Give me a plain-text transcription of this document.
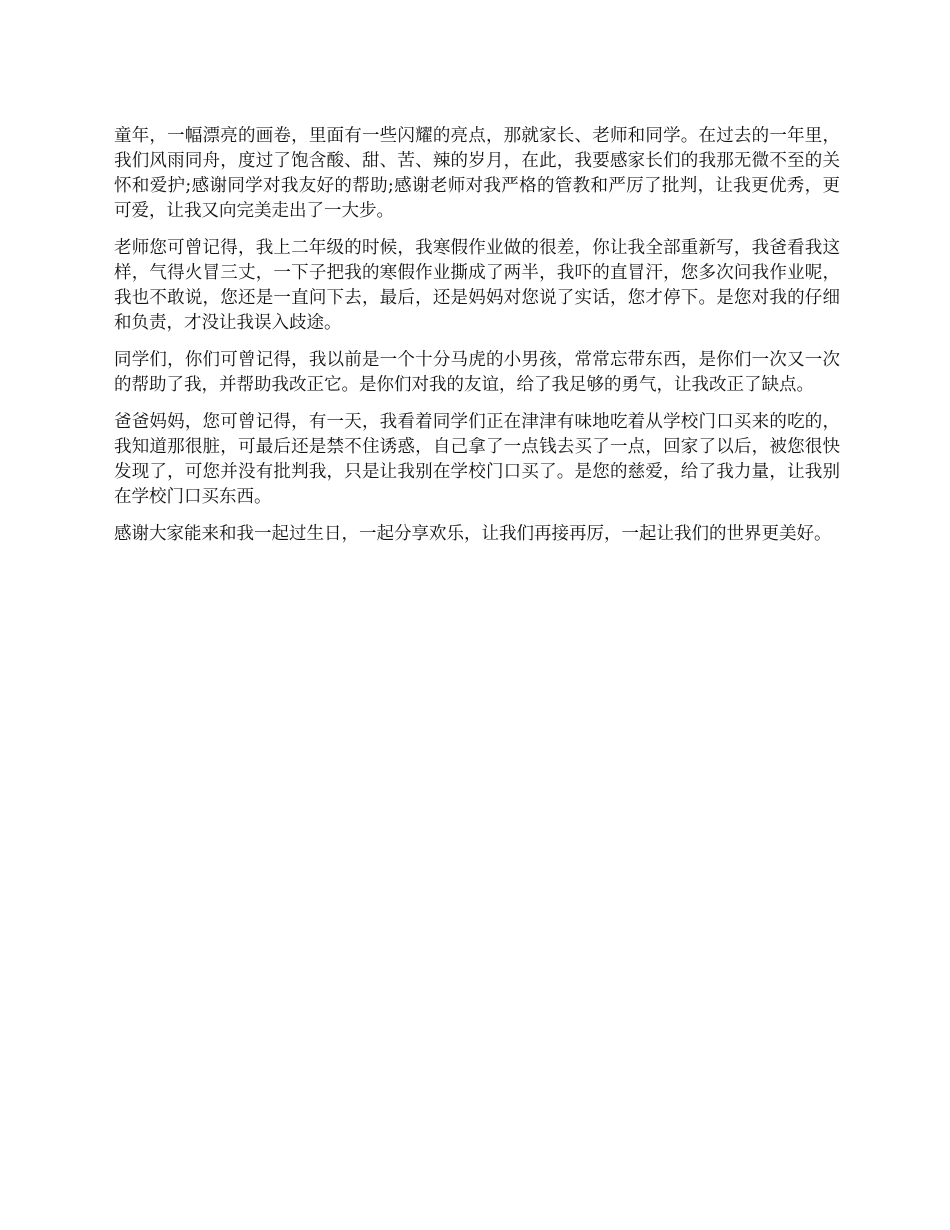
童年，一幅漂亮的画卷，里面有一些闪耀的亮点，那就家长、老师和同学。在过去的一年里，我们风雨同舟，度过了饱含酸、甜、苦、辣的岁月，在此，我要感家长们的我那无微不至的关怀和爱护;感谢同学对我友好的帮助;感谢老师对我严格的管教和严厉了批判，让我更优秀，更可爱，让我又向完美走出了一大步。

老师您可曾记得，我上二年级的时候，我寒假作业做的很差，你让我全部重新写，我爸看我这样，气得火冒三丈，一下子把我的寒假作业撕成了两半，我吓的直冒汗，您多次问我作业呢，我也不敢说，您还是一直问下去，最后，还是妈妈对您说了实话，您才停下。是您对我的仔细和负责，才没让我误入歧途。

同学们，你们可曾记得，我以前是一个十分马虎的小男孩，常常忘带东西，是你们一次又一次的帮助了我，并帮助我改正它。是你们对我的友谊，给了我足够的勇气，让我改正了缺点。

爸爸妈妈，您可曾记得，有一天，我看着同学们正在津津有味地吃着从学校门口买来的吃的，我知道那很脏，可最后还是禁不住诱惑，自己拿了一点钱去买了一点，回家了以后，被您很快发现了，可您并没有批判我，只是让我别在学校门口买了。是您的慈爱，给了我力量，让我别在学校门口买东西。

感谢大家能来和我一起过生日，一起分享欢乐，让我们再接再厉，一起让我们的世界更美好。
